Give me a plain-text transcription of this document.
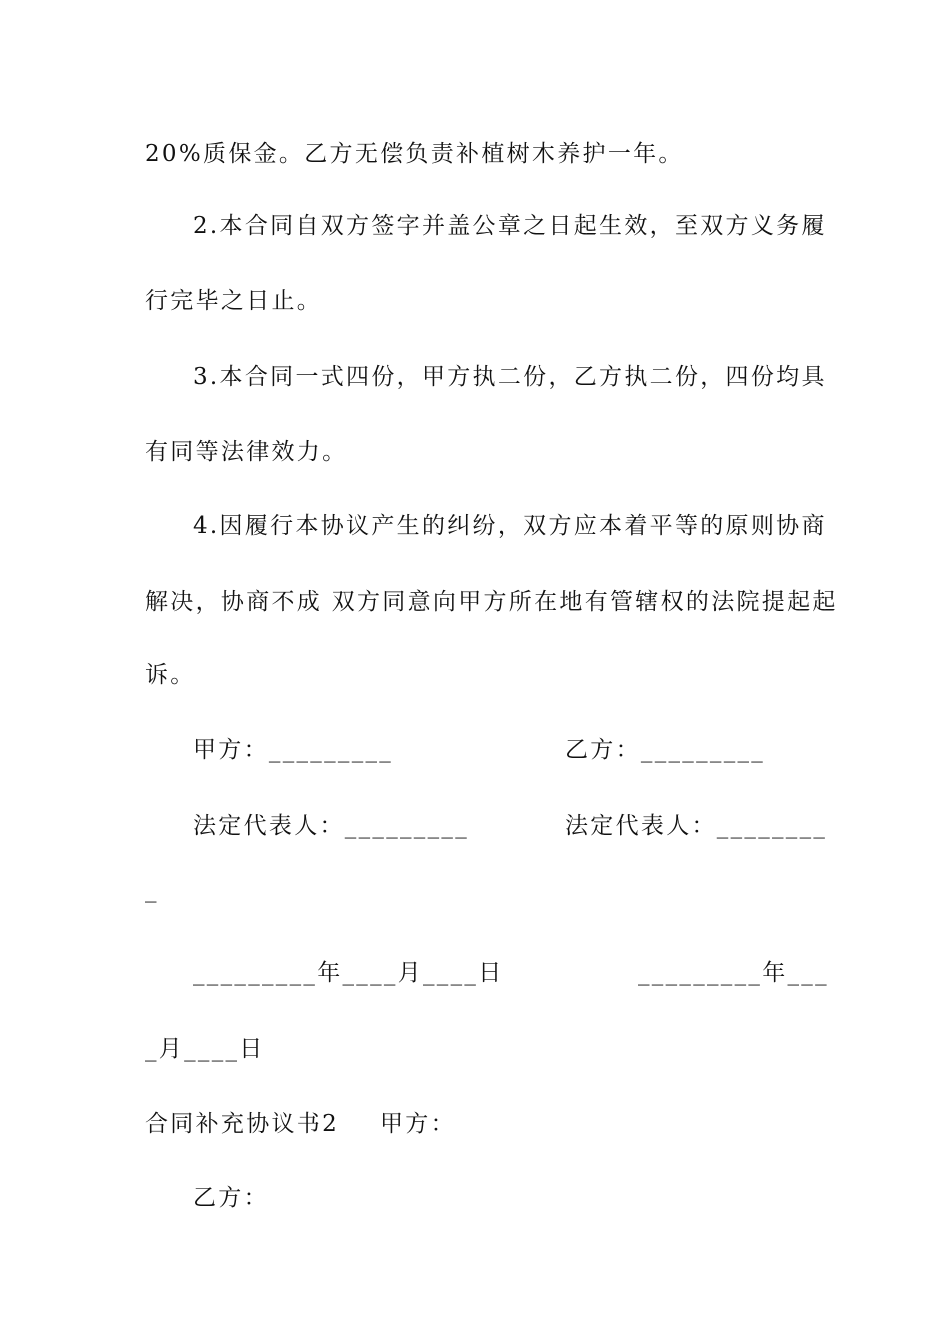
20%质保金。乙方无偿负责补植树木养护一年。
2.本合同自双方签字并盖公章之日起生效，至双方义务履
行完毕之日止。
3.本合同一式四份，甲方执二份，乙方执二份，四份均具
有同等法律效力。
4.因履行本协议产生的纠纷，双方应本着平等的原则协商
解决，协商不成 双方同意向甲方所在地有管辖权的法院提起起
诉。
甲方：_________	乙方：_________
法定代表人：_________	法定代表人：________
_
_________年____月____日	_________年___
_月____日
合同补充协议书2 甲方：
乙方：
